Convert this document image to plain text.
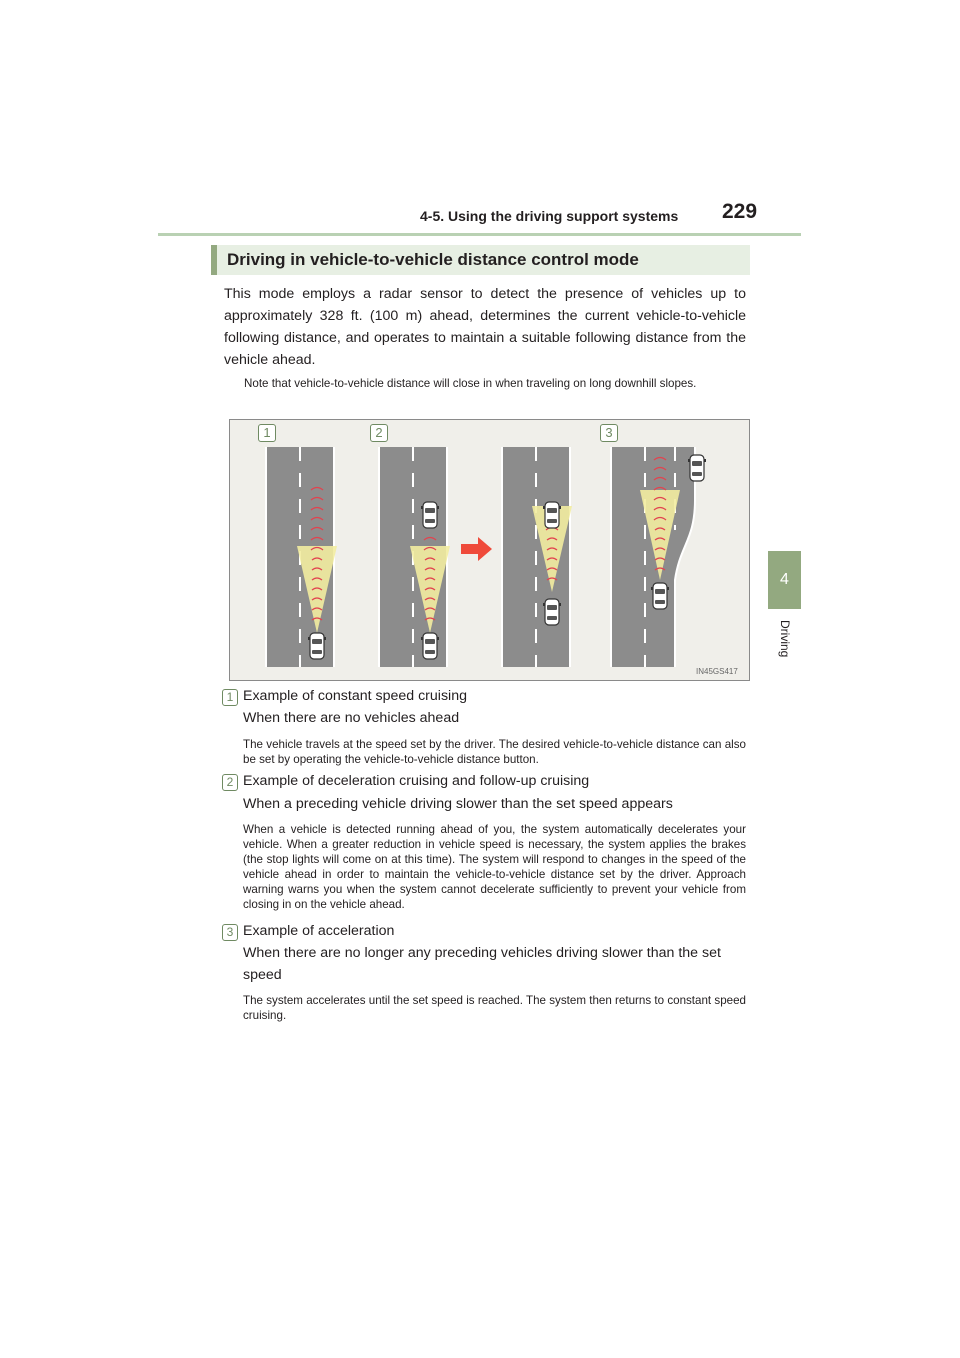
4-5. Using the driving support systems 229
4
Driving
Driving in vehicle-to-vehicle distance control mode

This mode employs a radar sensor to detect the presence of vehicles up to approximately 328 ft. (100 m) ahead, determines the current vehicle-to-vehicle following distance, and operates to maintain a suitable following distance from the vehicle ahead.

Note that vehicle-to-vehicle distance will close in when traveling on long downhill slopes.

1	2	3
IN45GS417
1 Example of constant speed cruising
When there are no vehicles ahead

The vehicle travels at the speed set by the driver. The desired vehicle-to-vehicle distance can also be set by operating the vehicle-to-vehicle distance button.

2 Example of deceleration cruising and follow-up cruising
When a preceding vehicle driving slower than the set speed appears

When a vehicle is detected running ahead of you, the system automatically decelerates your vehicle. When a greater reduction in vehicle speed is necessary, the system applies the brakes (the stop lights will come on at this time). The system will respond to changes in the speed of the vehicle ahead in order to maintain the vehicle-to-vehicle distance set by the driver. Approach warning warns you when the system cannot decelerate sufficiently to prevent your vehicle from closing in on the vehicle ahead.

3 Example of acceleration
When there are no longer any preceding vehicles driving slower than the set
speed

The system accelerates until the set speed is reached. The system then returns to constant speed cruising.
